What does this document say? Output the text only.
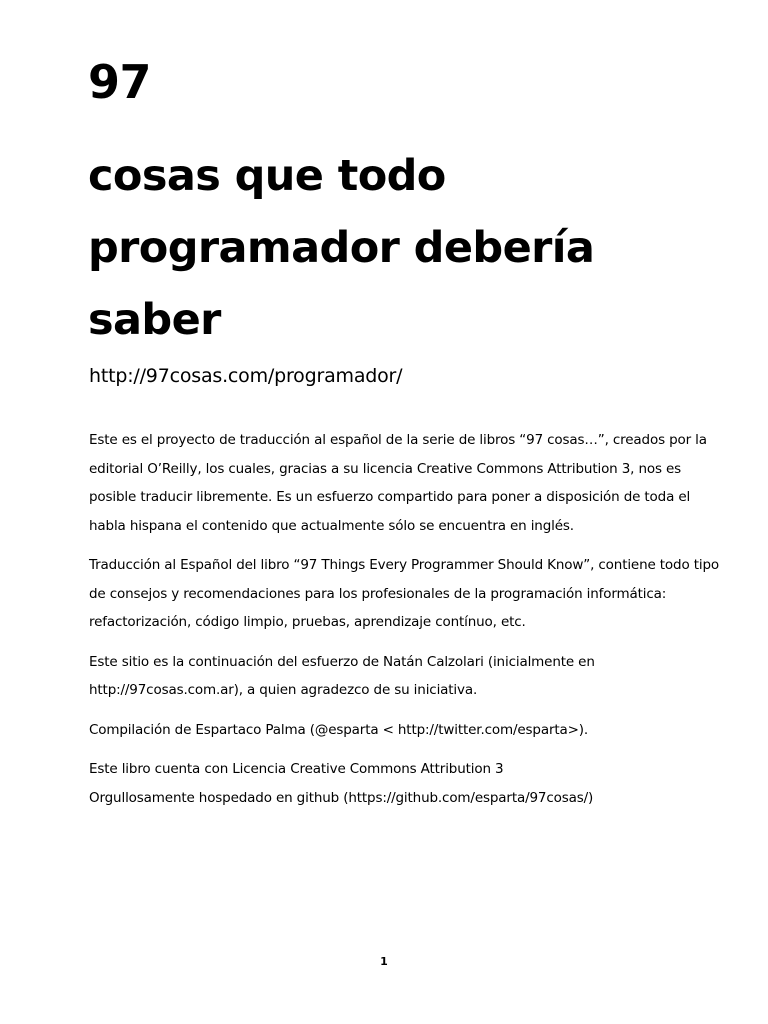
97
cosas que todo programador debería saber

http://97cosas.com/programador/

Este es el proyecto de traducción al español de la serie de libros “97 cosas…”, creados por la editorial O’Reilly, los cuales, gracias a su licencia Creative Commons Attribution 3, nos es posible traducir libremente. Es un esfuerzo compartido para poner a disposición de toda el habla hispana el contenido que actualmente sólo se encuentra en inglés.

Traducción al Español del libro “97 Things Every Programmer Should Know”, contiene todo tipo de consejos y recomendaciones para los profesionales de la programación informática: refactorización, código limpio, pruebas, aprendizaje contínuo, etc.

Este sitio es la continuación del esfuerzo de Natán Calzolari (inicialmente en http://97cosas.com.ar), a quien agradezco de su iniciativa.

Compilación de Espartaco Palma (@esparta < http://twitter.com/esparta>).

Este libro cuenta con Licencia Creative Commons Attribution 3

Orgullosamente hospedado en github (https://github.com/esparta/97cosas/)

1
